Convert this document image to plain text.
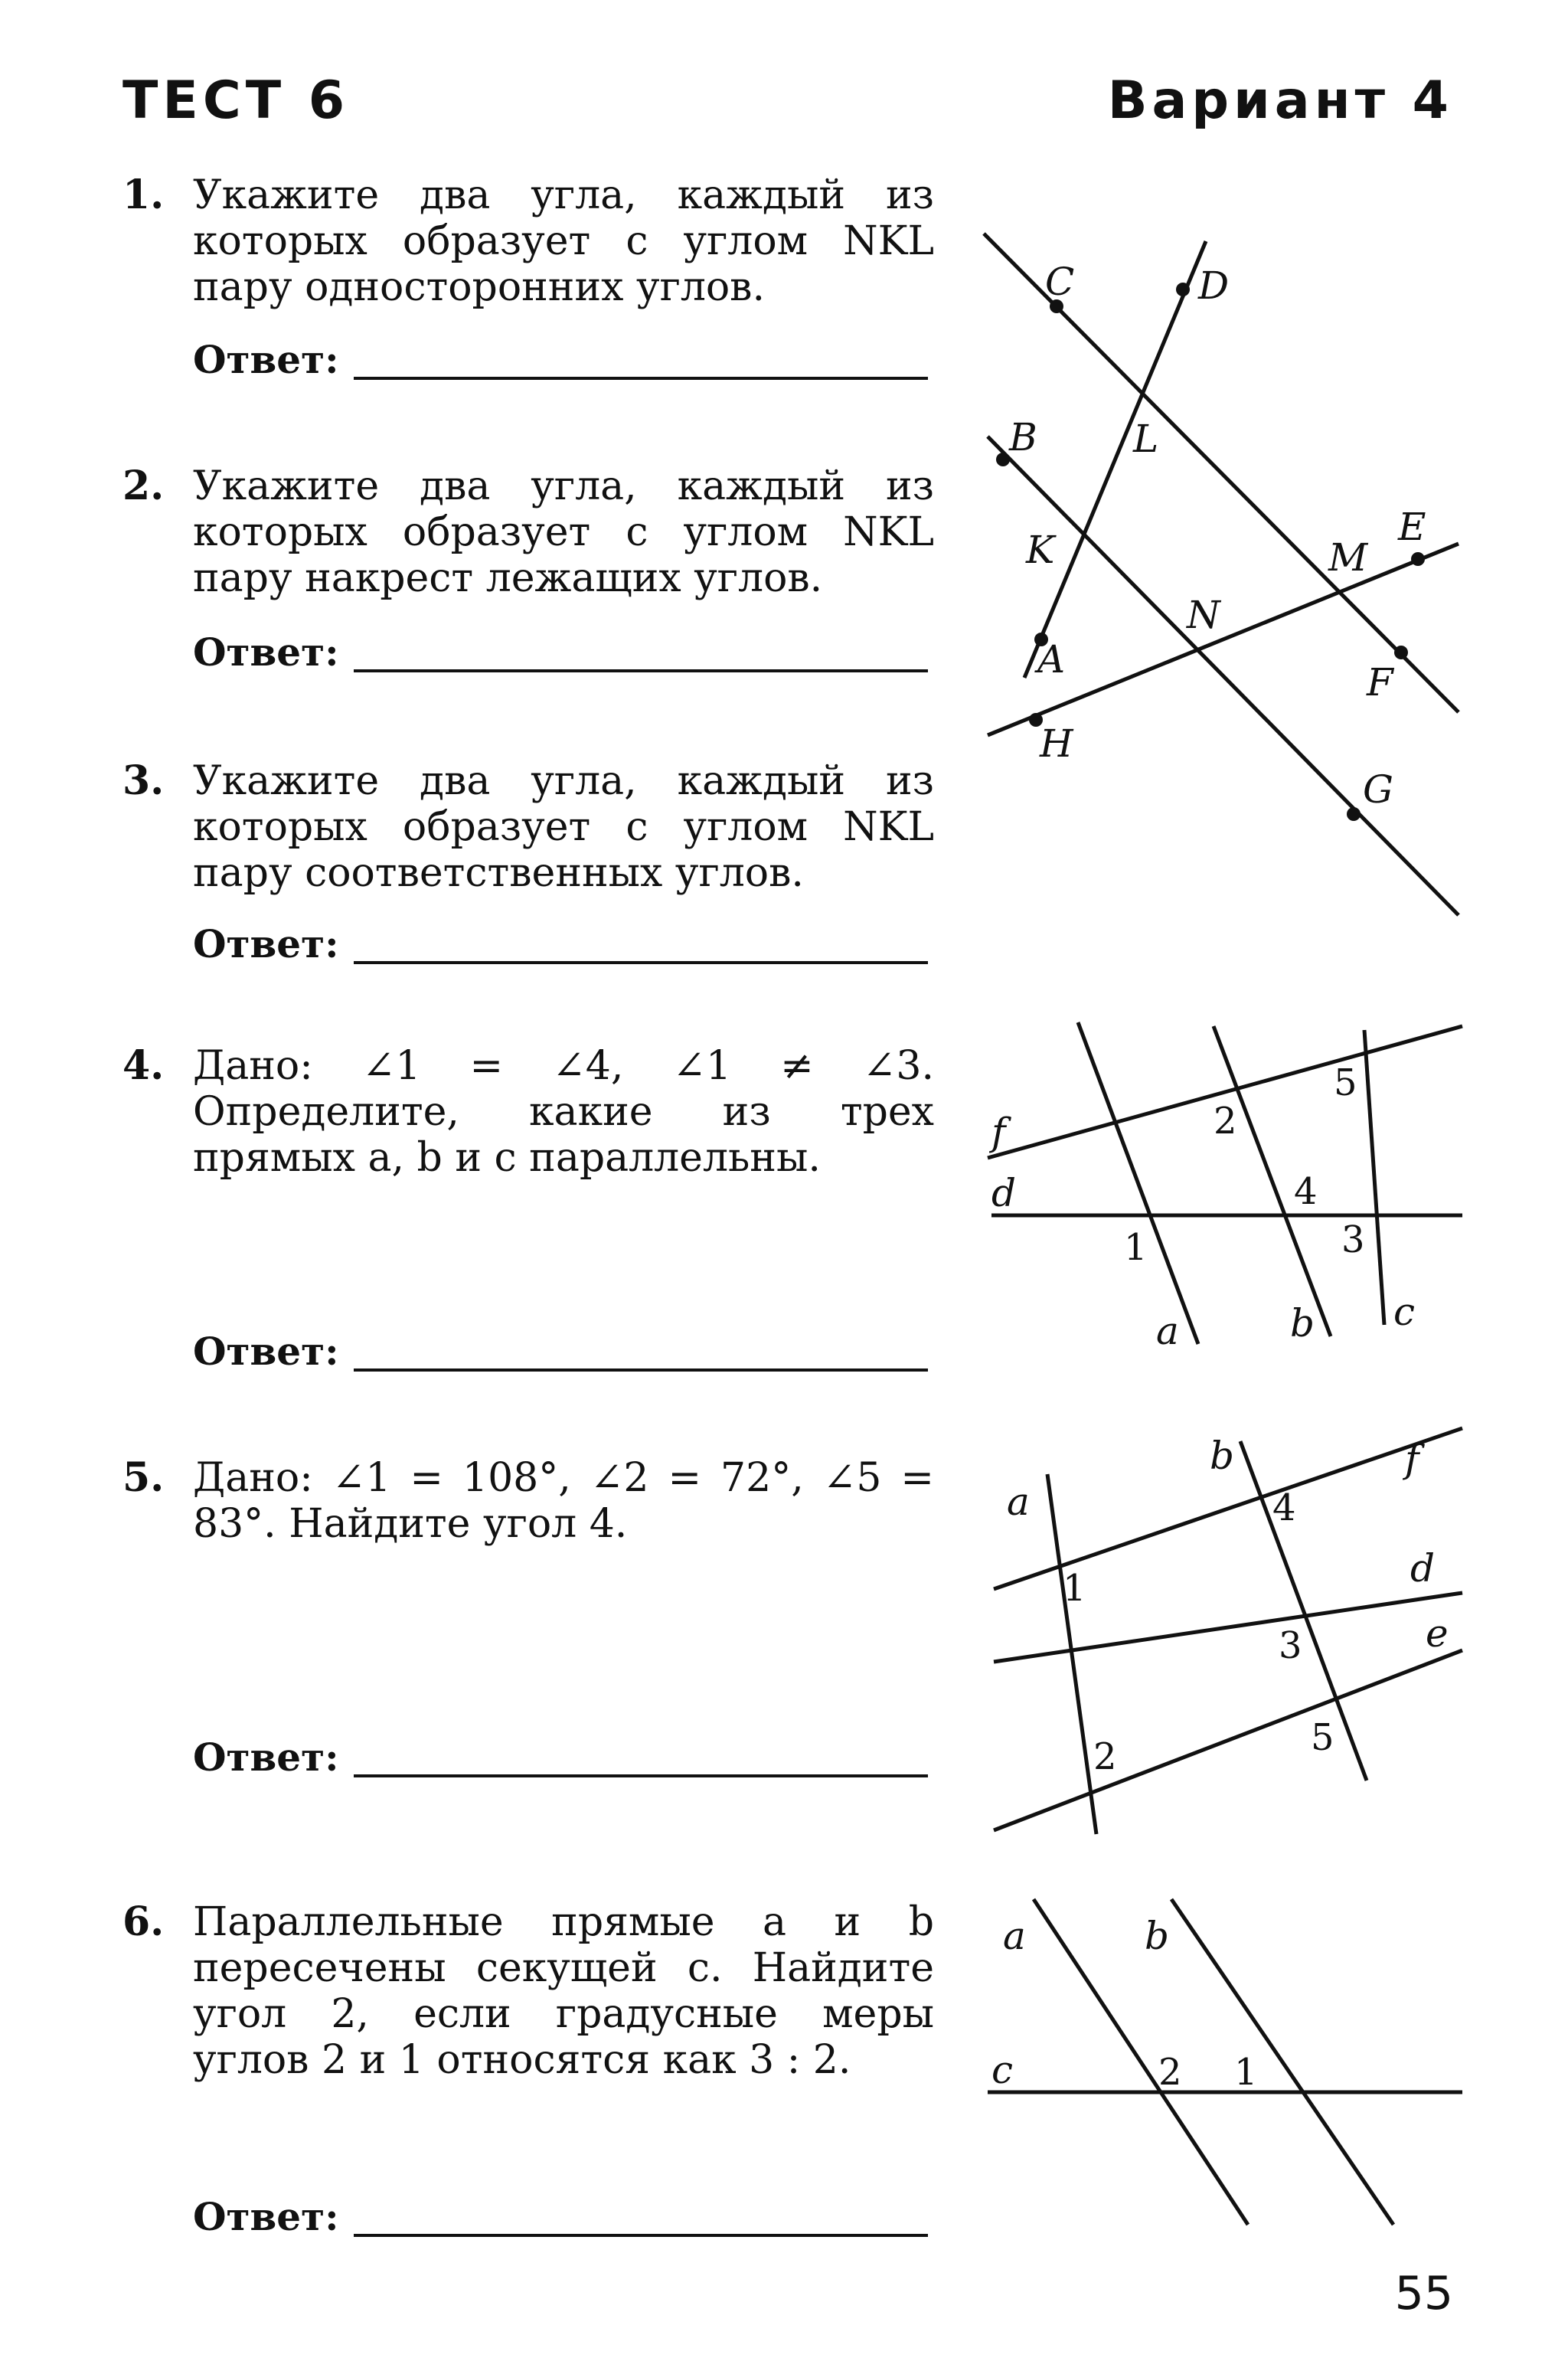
ТЕСТ 6	Вариант 4
1. Укажите два угла, каждый из которых образует с углом NKL пару односторонних углов.
Ответ:
2. Укажите два угла, каждый из которых образует с углом NKL пару накрест лежащих углов.
Ответ:
3. Укажите два угла, каждый из которых образует с углом NKL пару соответственных углов.
Ответ:
4. Дано: ∠1 = ∠4, ∠1 ≠ ∠3. Определите, какие из трех прямых a, b и c параллельны.
Ответ:
5. Дано: ∠1 = 108°, ∠2 = 72°, ∠5 = 83°. Найдите угол 4.
Ответ:
6. Параллельные прямые a и b пересечены секущей c. Найдите угол 2, если градусные меры углов 2 и 1 относятся как 3 : 2.
Ответ:
C	D
B	L
K	M
E
N
A
F
H
G
f
d
a	b c
1
2
3
4
5
a
b	f
d
e
1
2
3
4
5
a	b
c	1
2
55
